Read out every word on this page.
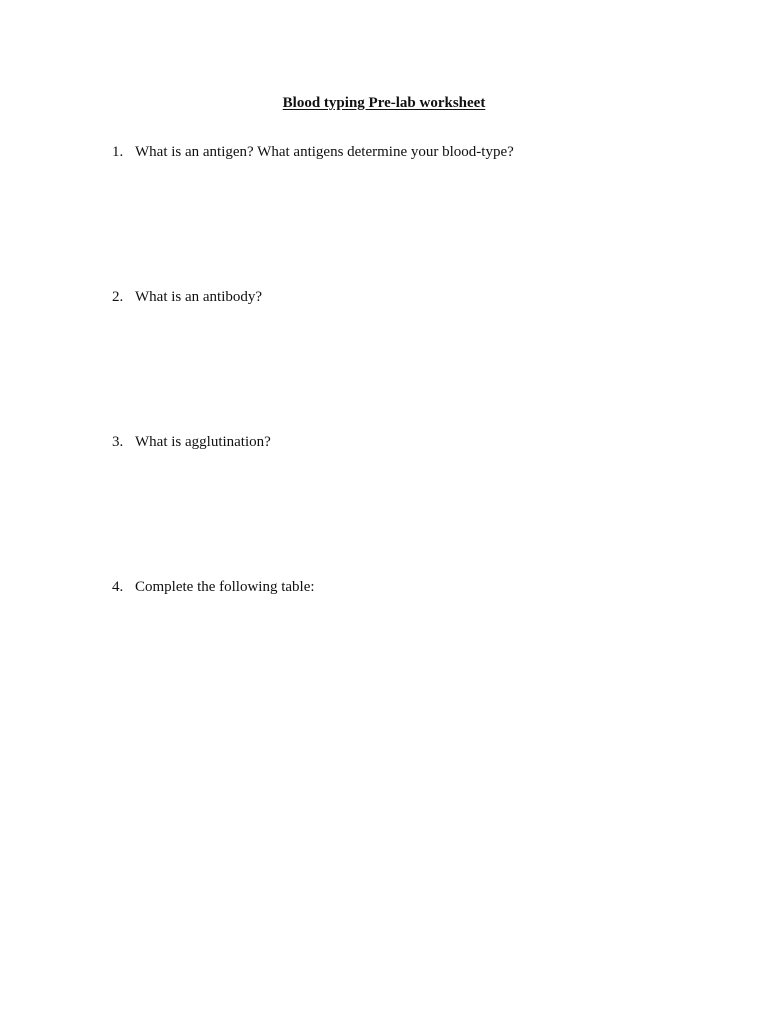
Blood typing Pre-lab worksheet
1. What is an antigen? What antigens determine your blood-type?
2. What is an antibody?
3. What is agglutination?
4. Complete the following table:
